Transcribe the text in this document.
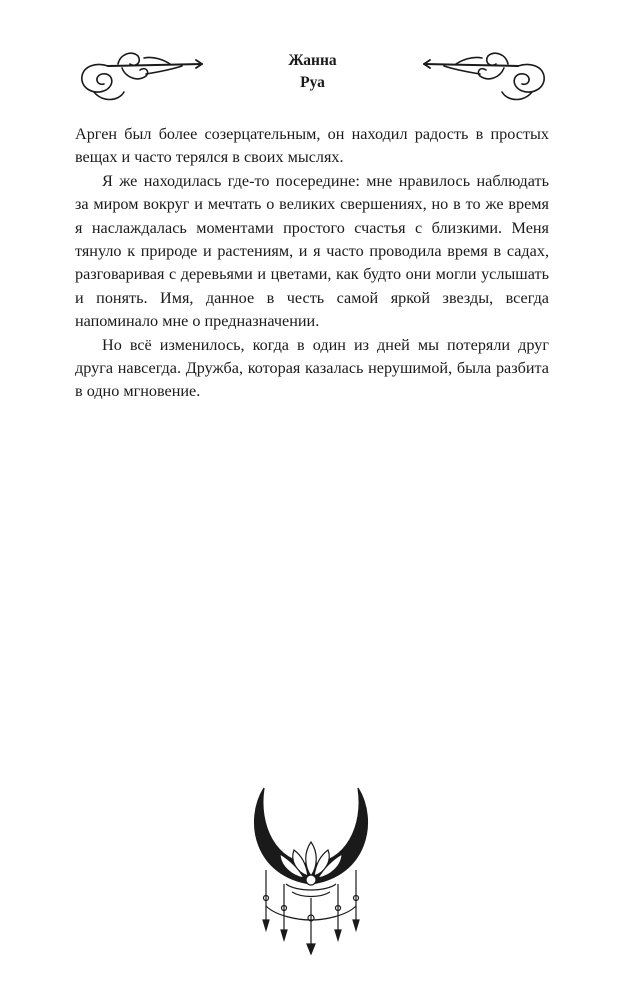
Жанна
Руа

Арген был более созерцательным, он находил радость в простых вещах и часто терялся в своих мыслях.

Я же находилась где-то посередине: мне нравилось наблюдать за миром вокруг и мечтать о великих свершениях, но в то же время я наслаждалась моментами простого счастья с близкими. Меня тянуло к природе и растениям, и я часто проводила время в садах, разговаривая с деревьями и цветами, как будто они могли услышать и понять. Имя, данное в честь самой яркой звезды, всегда напоминало мне о предназначении.

Но всё изменилось, когда в один из дней мы потеряли друг друга навсегда. Дружба, которая казалась нерушимой, была разбита в одно мгновение.
